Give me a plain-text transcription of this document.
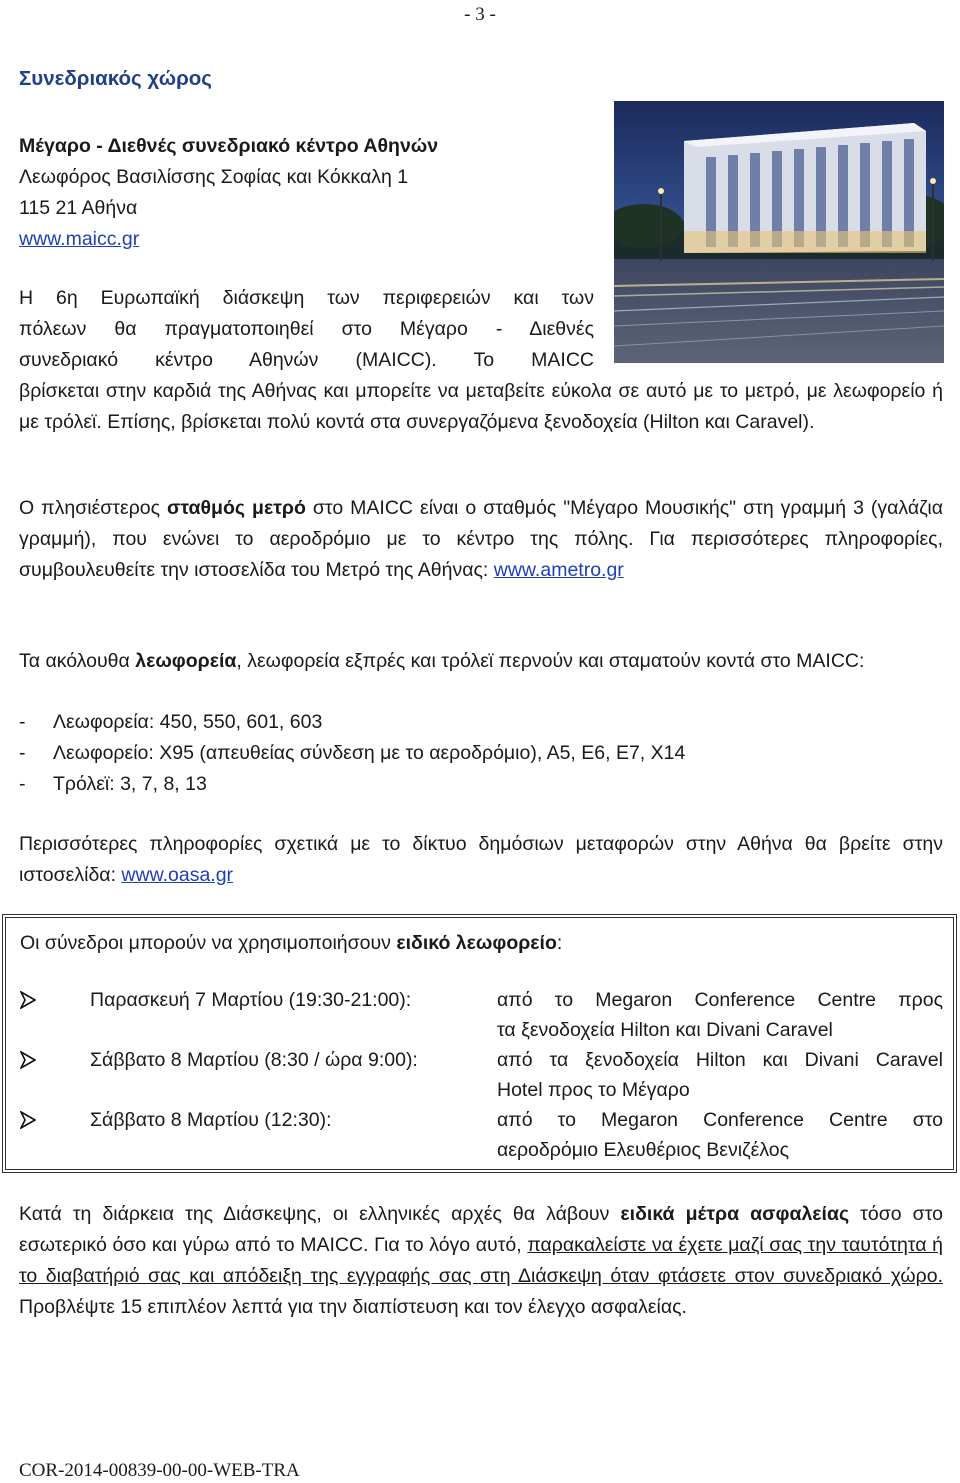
- 3 -
Συνεδριακός χώρος
Μέγαρο - Διεθνές συνεδριακό κέντρο Αθηνών
Λεωφόρος Βασιλίσσης Σοφίας και Κόκκαλη 1
115 21 Αθήνα
www.maicc.gr
Η 6η Ευρωπαϊκή διάσκεψη των περιφερειών και των
πόλεων θα πραγματοποιηθεί στο Μέγαρο - Διεθνές
συνεδριακό κέντρο Αθηνών (MAICC). Το MAICC
βρίσκεται στην καρδιά της Αθήνας και μπορείτε να μεταβείτε εύκολα σε αυτό με το μετρό, με λεωφορείο ή με τρόλεϊ. Επίσης, βρίσκεται πολύ κοντά στα συνεργαζόμενα ξενοδοχεία (Hilton και Caravel).
Ο πλησιέστερος σταθμός μετρό στο MAICC είναι ο σταθμός "Μέγαρο Μουσικής" στη γραμμή 3 (γαλάζια γραμμή), που ενώνει το αεροδρόμιο με το κέντρο της πόλης. Για περισσότερες πληροφορίες, συμβουλευθείτε την ιστοσελίδα του Μετρό της Αθήνας: www.ametro.gr
Τα ακόλουθα λεωφορεία, λεωφορεία εξπρές και τρόλεϊ περνούν και σταματούν κοντά στο MAICC:
-	Λεωφορεία: 450, 550, 601, 603
-	Λεωφορείο: Χ95 (απευθείας σύνδεση με το αεροδρόμιο), Α5, Ε6, Ε7, Χ14
-	Τρόλεϊ: 3, 7, 8, 13
Περισσότερες πληροφορίες σχετικά με το δίκτυο δημόσιων μεταφορών στην Αθήνα θα βρείτε στην ιστοσελίδα: www.oasa.gr
Οι σύνεδροι μπορούν να χρησιμοποιήσουν ειδικό λεωφορείο:
Παρασκευή 7 Μαρτίου (19:30-21:00):	από το Megaron Conference Centre προς
τα ξενοδοχεία Hilton και Divani Caravel
Σάββατο 8 Μαρτίου (8:30 / ώρα 9:00):	από τα ξενοδοχεία Hilton και Divani Caravel
Hotel προς το Μέγαρο
Σάββατο 8 Μαρτίου (12:30):	από το Megaron Conference Centre στο
αεροδρόμιο Ελευθέριος Βενιζέλος
Κατά τη διάρκεια της Διάσκεψης, οι ελληνικές αρχές θα λάβουν ειδικά μέτρα ασφαλείας τόσο στο εσωτερικό όσο και γύρω από το MAICC. Για το λόγο αυτό, παρακαλείστε να έχετε μαζί σας την ταυτότητα ή το διαβατήριό σας και απόδειξη της εγγραφής σας στη Διάσκεψη όταν φτάσετε στον συνεδριακό χώρο. Προβλέψτε 15 επιπλέον λεπτά για την διαπίστευση και τον έλεγχο ασφαλείας.
COR-2014-00839-00-00-WEB-TRA
